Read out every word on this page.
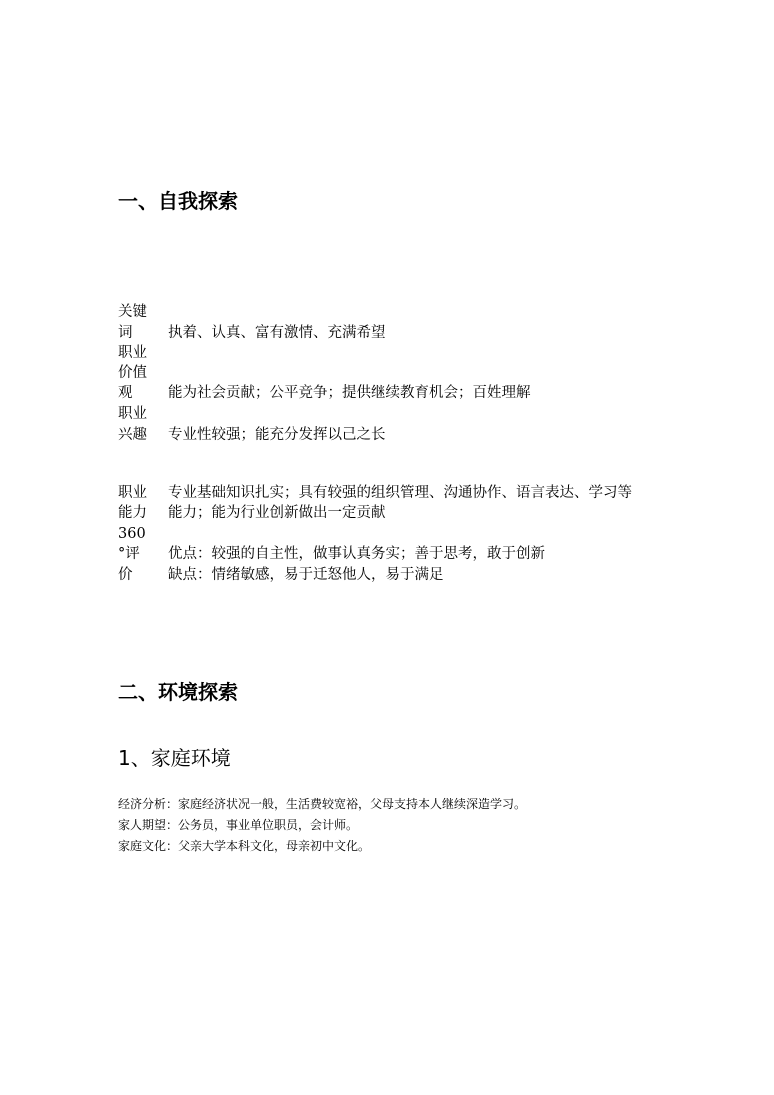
一、自我探索
关键
词 执着、认真、富有激情、充满希望
职业
价值
观 能为社会贡献；公平竞争；提供继续教育机会；百姓理解
职业
兴趣 专业性较强；能充分发挥以己之长
职业 专业基础知识扎实；具有较强的组织管理、沟通协作、语言表达、学习等
能力 能力；能为行业创新做出一定贡献
360
°评 优点：较强的自主性，做事认真务实；善于思考，敢于创新
价 缺点：情绪敏感，易于迁怒他人，易于满足
二、环境探索
1、家庭环境
经济分析：家庭经济状况一般，生活费较宽裕，父母支持本人继续深造学习。
家人期望：公务员，事业单位职员，会计师。
家庭文化：父亲大学本科文化，母亲初中文化。
